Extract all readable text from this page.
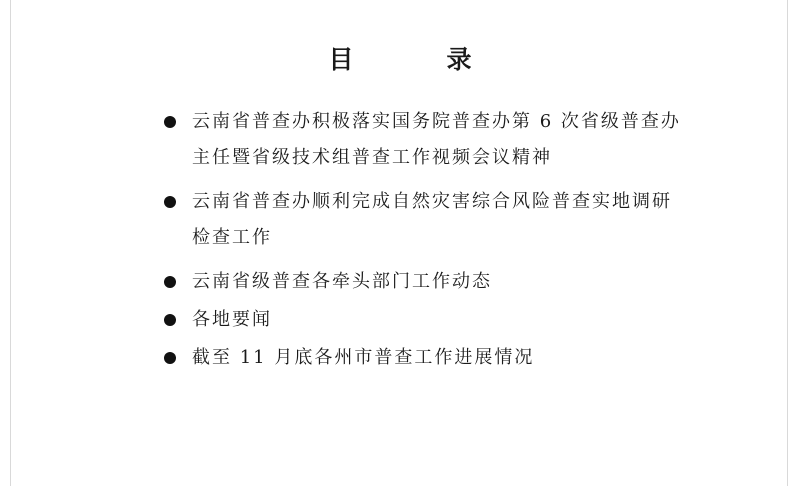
目　录
云南省普查办积极落实国务院普查办第 6 次省级普查办主任暨省级技术组普查工作视频会议精神
云南省普查办顺利完成自然灾害综合风险普查实地调研检查工作
云南省级普查各牵头部门工作动态
各地要闻
截至 11 月底各州市普查工作进展情况
